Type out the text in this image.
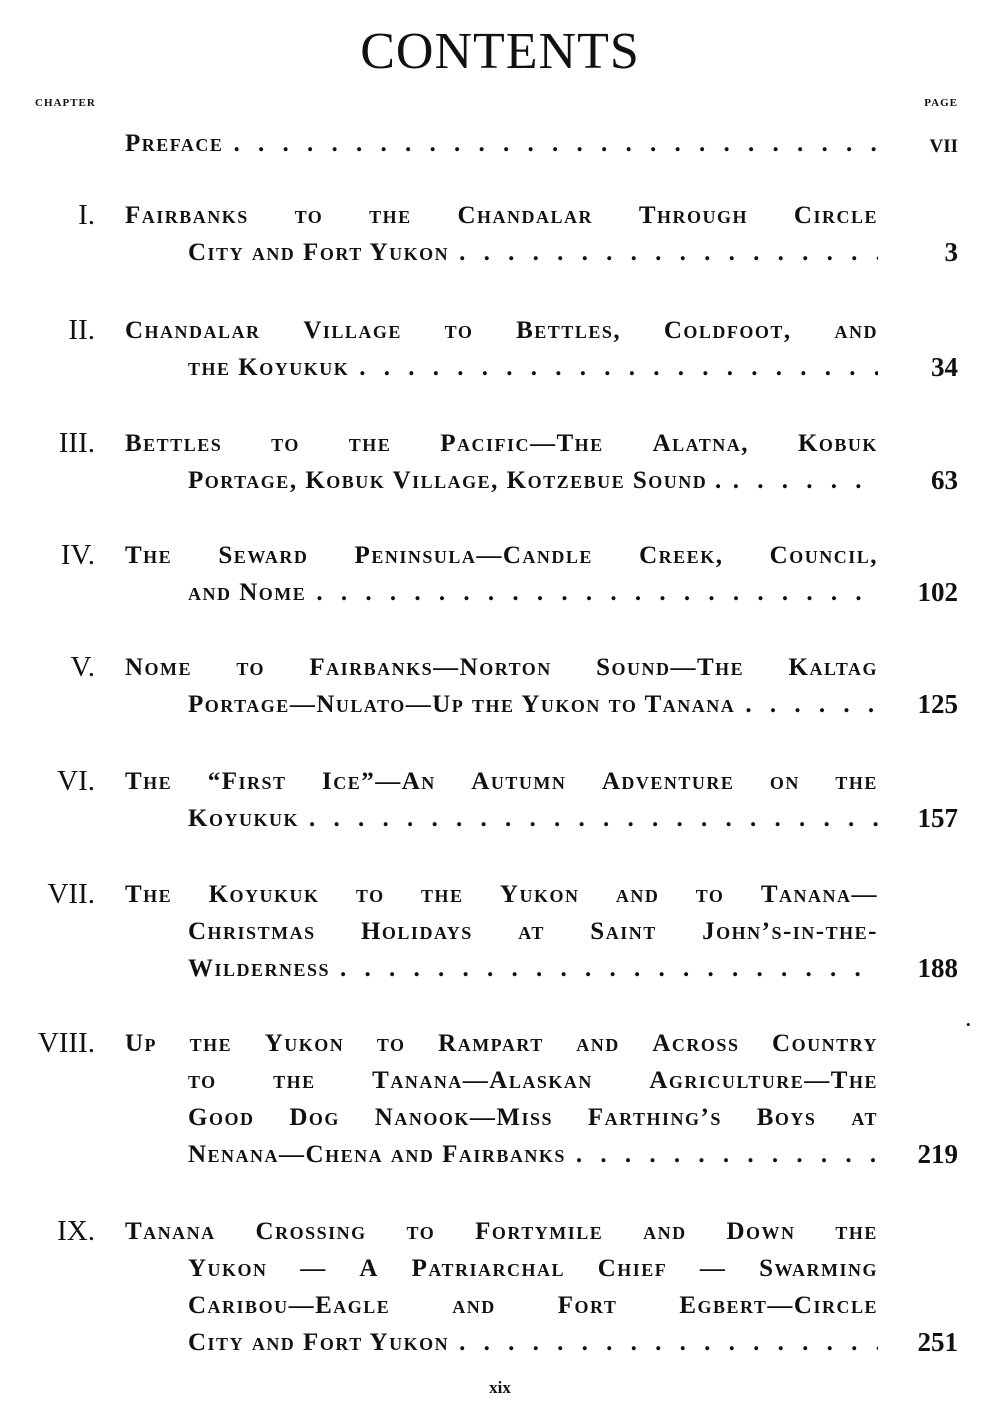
CONTENTS
CHAPTER	PAGE
Preface . . .	vii
I. Fairbanks to the Chandalar Through Circle
City and Fort Yukon . . .	3
II. Chandalar Village to Bettles, Coldfoot, and
the Koyukuk . . .	34
III. Bettles to the Pacific—The Alatna, Kobuk
Portage, Kobuk Village, Kotzebue Sound . . . .	63
IV. The Seward Peninsula—Candle Creek, Council,
and Nome . . .	102
V. Nome to Fairbanks—Norton Sound—The Kaltag
Portage—Nulato—Up the Yukon to Tanana . . .	125
VI. The “First Ice”—An Autumn Adventure on the
Koyukuk . . .	157
VII. The Koyukuk to the Yukon and to Tanana—
Christmas Holidays at Saint John’s-in-the-
Wilderness . . .	188
VIII. Up the Yukon to Rampart and Across Country
to the Tanana—Alaskan Agriculture—The
Good Dog Nanook—Miss Farthing’s Boys at
Nenana—Chena and Fairbanks . . .	219
IX. Tanana Crossing to Fortymile and Down the
Yukon — A Patriarchal Chief — Swarming
Caribou—Eagle and Fort Egbert—Circle
City and Fort Yukon . . .	251
xix
•
